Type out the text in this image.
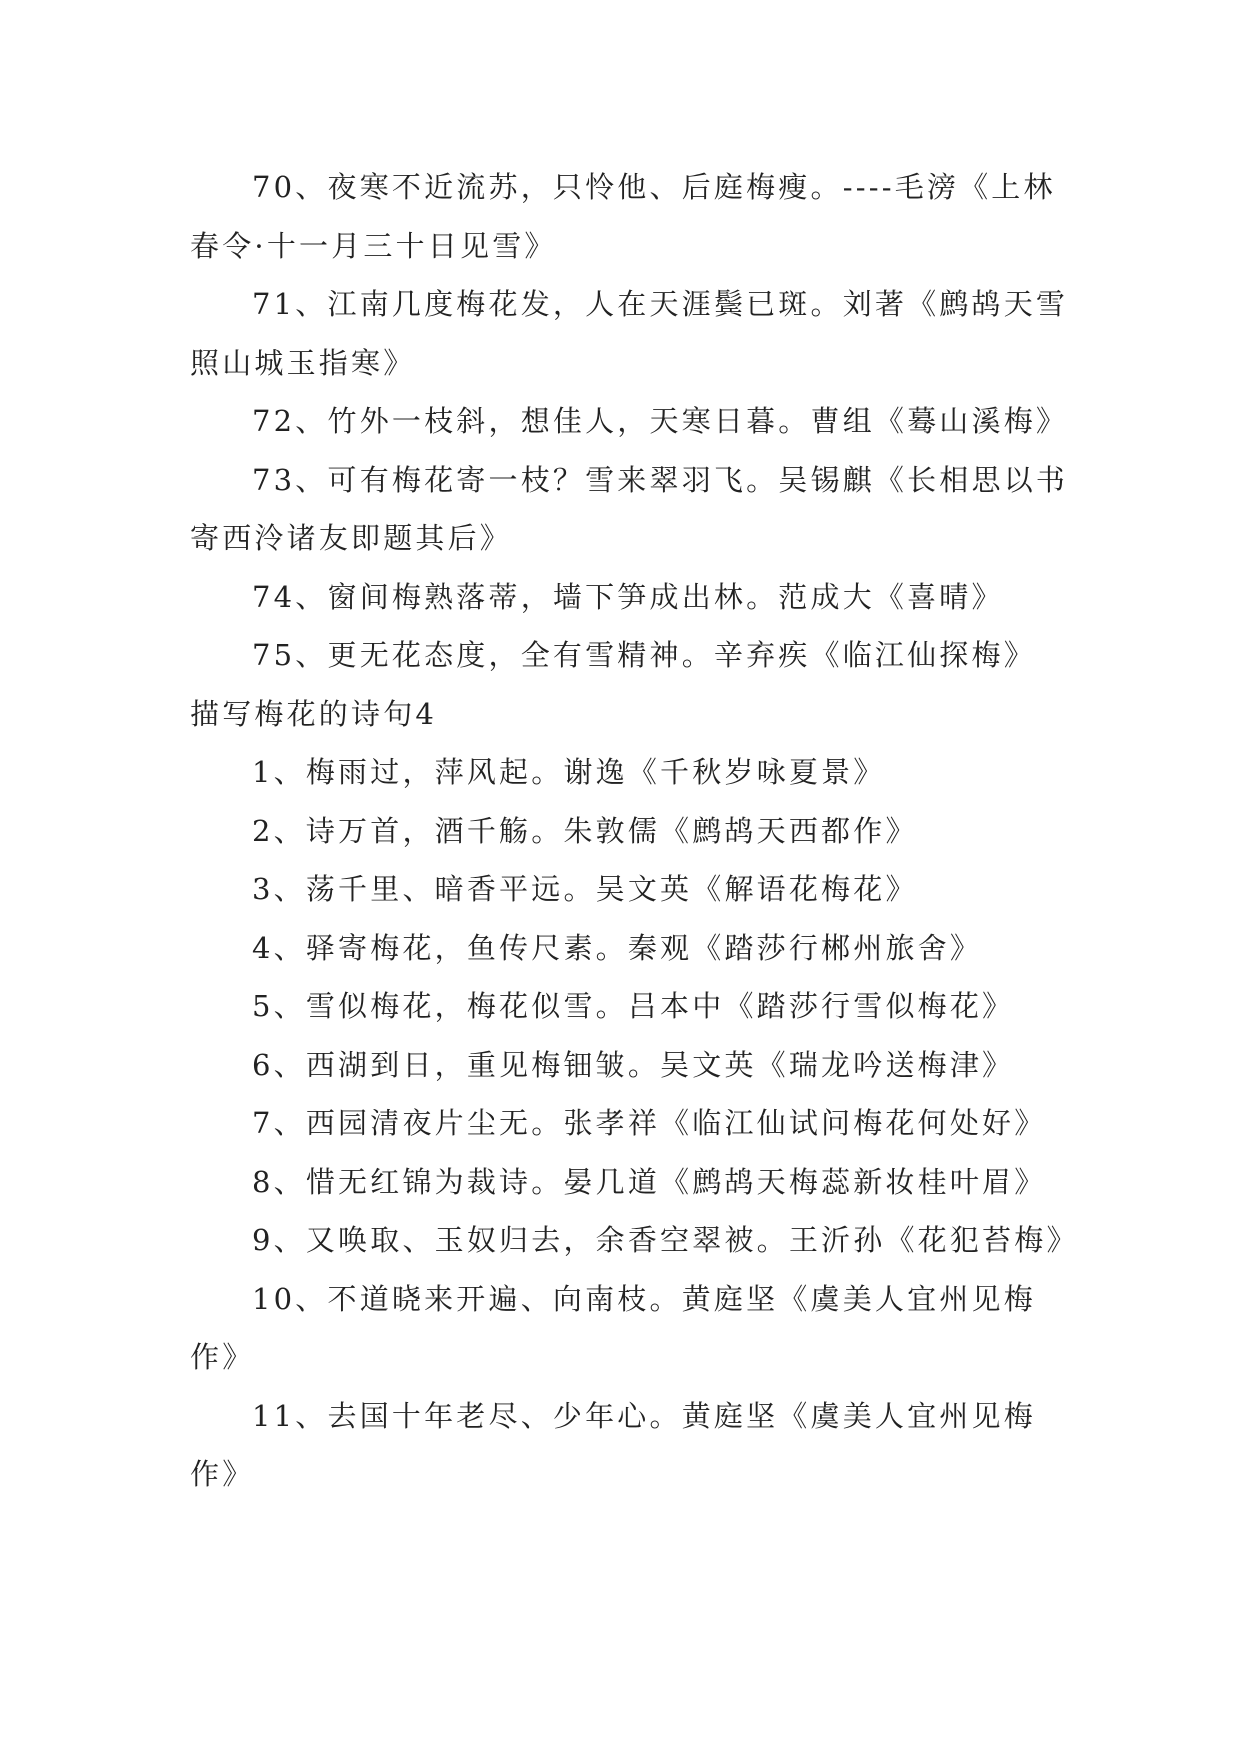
70、夜寒不近流苏，只怜他、后庭梅瘦。----毛滂《上林春令·十一月三十日见雪》

71、江南几度梅花发，人在天涯鬓已斑。刘著《鹧鸪天雪照山城玉指寒》

72、竹外一枝斜，想佳人，天寒日暮。曹组《蓦山溪梅》

73、可有梅花寄一枝？雪来翠羽飞。吴锡麒《长相思以书寄西泠诸友即题其后》

74、窗间梅熟落蒂，墙下笋成出林。范成大《喜晴》

75、更无花态度，全有雪精神。辛弃疾《临江仙探梅》

描写梅花的诗句4

1、梅雨过，萍风起。谢逸《千秋岁咏夏景》

2、诗万首，酒千觞。朱敦儒《鹧鸪天西都作》

3、荡千里、暗香平远。吴文英《解语花梅花》

4、驿寄梅花，鱼传尺素。秦观《踏莎行郴州旅舍》

5、雪似梅花，梅花似雪。吕本中《踏莎行雪似梅花》

6、西湖到日，重见梅钿皱。吴文英《瑞龙吟送梅津》

7、西园清夜片尘无。张孝祥《临江仙试问梅花何处好》

8、惜无红锦为裁诗。晏几道《鹧鸪天梅蕊新妆桂叶眉》

9、又唤取、玉奴归去，余香空翠被。王沂孙《花犯苔梅》

10、不道晓来开遍、向南枝。黄庭坚《虞美人宜州见梅作》

11、去国十年老尽、少年心。黄庭坚《虞美人宜州见梅作》
